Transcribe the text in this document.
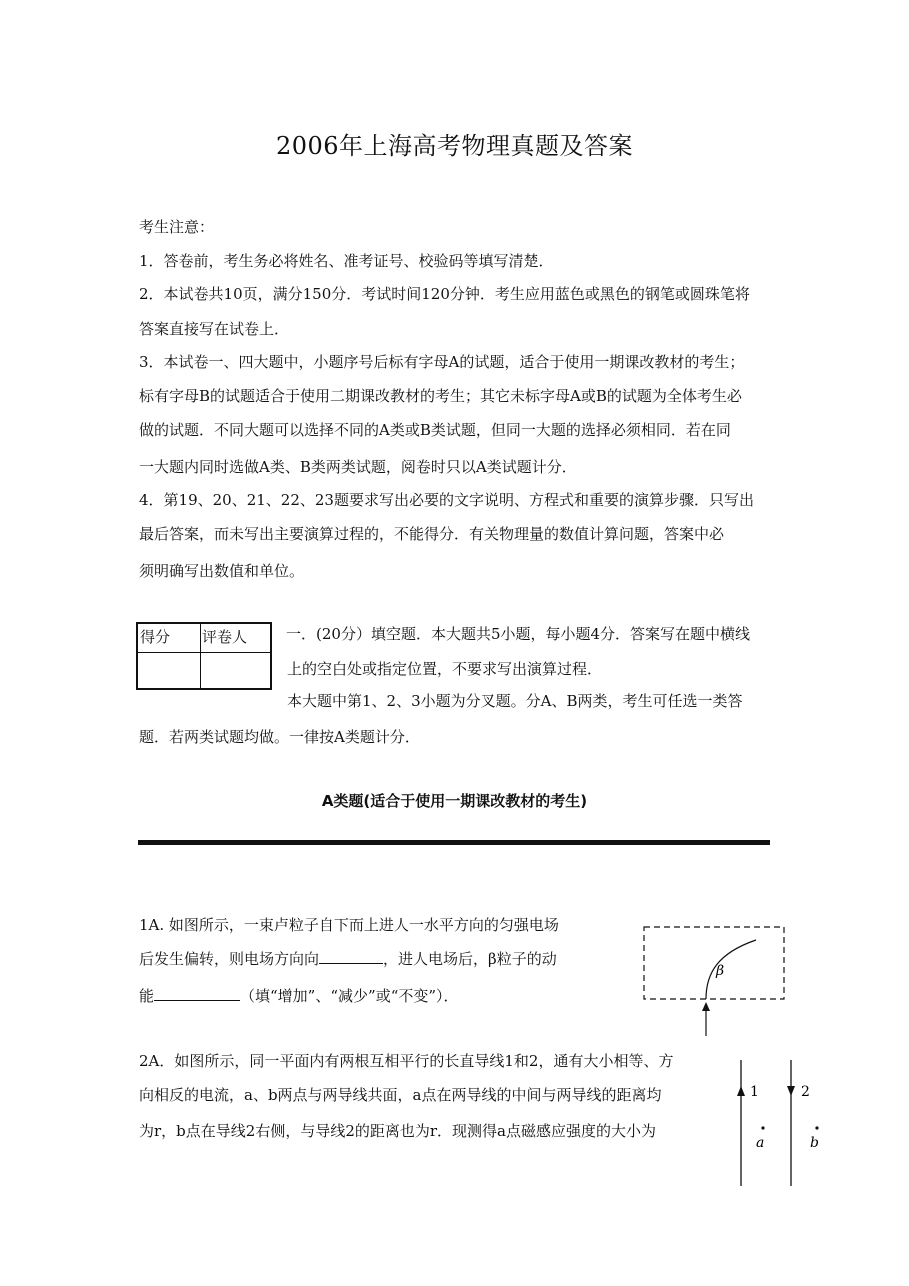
2006年上海高考物理真题及答案
考生注意：
1．答卷前，考生务必将姓名、准考证号、校验码等填写清楚．
2．本试卷共10页，满分150分．考试时间120分钟．考生应用蓝色或黑色的钢笔或圆珠笔将
答案直接写在试卷上．
3．本试卷一、四大题中，小题序号后标有字母A的试题，适合于使用一期课改教材的考生；
标有字母B的试题适合于使用二期课改教材的考生；其它未标字母A或B的试题为全体考生必
做的试题．不同大题可以选择不同的A类或B类试题，但同一大题的选择必须相同．若在同
一大题内同时选做A类、B类两类试题，阅卷时只以A类试题计分．
4．第19、20、21、22、23题要求写出必要的文字说明、方程式和重要的演算步骤．只写出
最后答案，而未写出主要演算过程的，不能得分．有关物理量的数值计算问题，答案中必
须明确写出数值和单位。
得分 评卷人	一．(20分）填空题．本大题共5小题，每小题4分．答案写在题中横线
上的空白处或指定位置，不要求写出演算过程．
本大题中第1、2、3小题为分叉题。分A、B两类，考生可任选一类答
题．若两类试题均做。一律按A类题计分．
A类题(适合于使用一期课改教材的考生)
1A. 如图所示，一束卢粒子自下而上进人一水平方向的匀强电场
后发生偏转，则电场方向向	，进人电场后，β粒子的动
能	（填“增加”、“减少”或“不变”）．
β
2A．如图所示，同一平面内有两根互相平行的长直导线1和2，通有大小相等、方
向相反的电流，a、b两点与两导线共面，a点在两导线的中间与两导线的距离均
为r，b点在导线2右侧，与导线2的距离也为r．现测得a点磁感应强度的大小为
1	2
a	b
